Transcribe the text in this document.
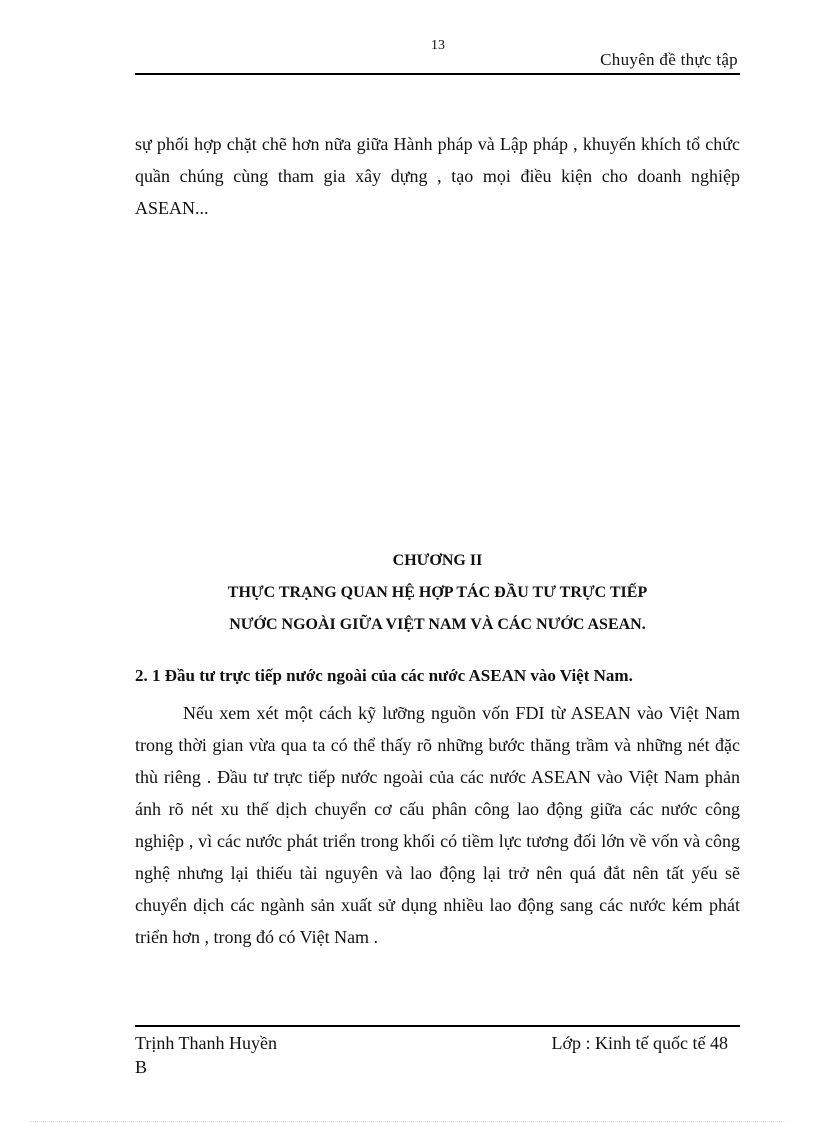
13
Chuyên đề thực tập
sự phối hợp chặt chẽ hơn nữa giữa Hành pháp và Lập pháp , khuyến khích tổ chức quần chúng cùng tham gia xây dựng , tạo mọi điều kiện cho doanh nghiệp ASEAN...
CHƯƠNG II
THỰC TRẠNG QUAN HỆ HỢP TÁC ĐẦU TƯ TRỰC TIẾP
NƯỚC NGOÀI GIỮA VIỆT NAM VÀ CÁC NƯỚC ASEAN.
2. 1 Đầu tư trực tiếp nước ngoài của các nước ASEAN vào Việt Nam.
Nếu xem xét một cách kỹ lưỡng nguồn vốn FDI từ ASEAN vào Việt Nam trong thời gian vừa qua ta có thể thấy rõ những bước thăng trầm và những nét đặc thù riêng . Đầu tư trực tiếp nước ngoài của các nước ASEAN vào Việt Nam phản ánh rõ nét xu thế dịch chuyển cơ cấu phân công lao động giữa các nước công nghiệp , vì các nước phát triển trong khối có tiềm lực tương đối lớn về vốn và công nghệ nhưng lại thiếu tài nguyên và lao động lại trở nên quá đắt nên tất yếu sẽ chuyển dịch các ngành sản xuất sử dụng nhiều lao động sang các nước kém phát triển hơn , trong đó có Việt Nam .
Trịnh Thanh Huyền	Lớp : Kinh tế quốc tế 48
B
